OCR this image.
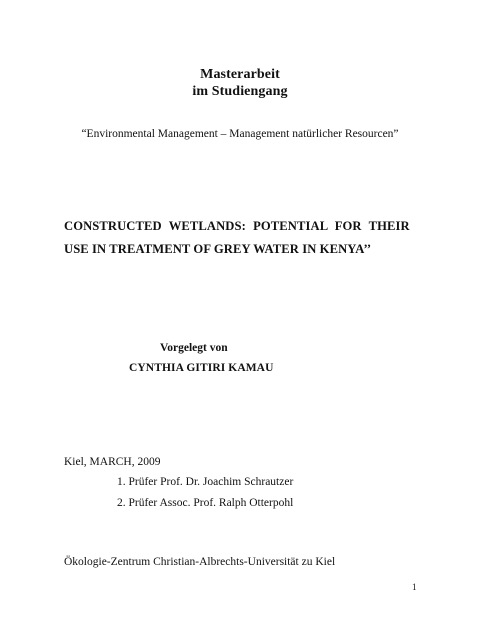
Masterarbeit
im Studiengang
“Environmental Management – Management natürlicher Resourcen”
CONSTRUCTED WETLANDS: POTENTIAL FOR THEIR
USE IN TREATMENT OF GREY WATER IN KENYA’’
Vorgelegt von
CYNTHIA GITIRI KAMAU
Kiel, MARCH, 2009
1. Prüfer Prof. Dr. Joachim Schrautzer
2. Prüfer Assoc. Prof. Ralph Otterpohl
Ökologie-Zentrum Christian-Albrechts-Universität zu Kiel
1
